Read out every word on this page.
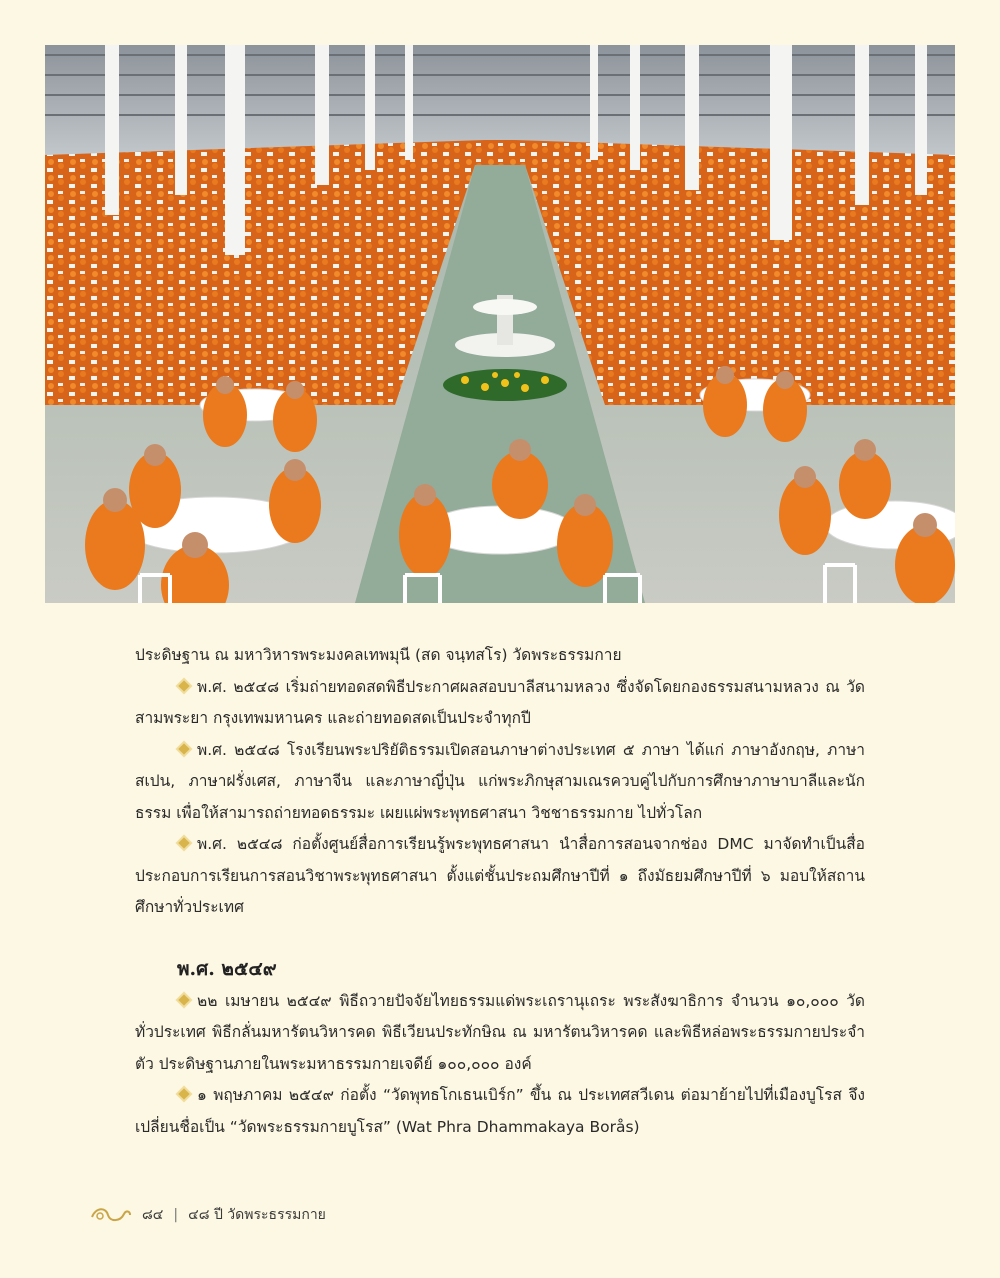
ประดิษฐาน ณ มหาวิหารพระมงคลเทพมุนี (สด จนฺทสโร) วัดพระธรรมกาย

พ.ศ. ๒๕๔๘ เริ่มถ่ายทอดสดพิธีประกาศผลสอบบาลีสนามหลวง ซึ่งจัดโดยกองธรรมสนามหลวง ณ วัดสามพระยา กรุงเทพมหานคร และถ่ายทอดสดเป็นประจำทุกปี

พ.ศ. ๒๕๔๘ โรงเรียนพระปริยัติธรรมเปิดสอนภาษาต่างประเทศ ๕ ภาษา ได้แก่ ภาษาอังกฤษ, ภาษาสเปน, ภาษาฝรั่งเศส, ภาษาจีน และภาษาญี่ปุ่น แก่พระภิกษุสามเณรควบคู่ไปกับการศึกษาภาษาบาลีและนักธรรม เพื่อให้สามารถถ่ายทอดธรรมะ เผยแผ่พระพุทธศาสนา วิชชาธรรมกาย ไปทั่วโลก

พ.ศ. ๒๕๔๘ ก่อตั้งศูนย์สื่อการเรียนรู้พระพุทธศาสนา นำสื่อการสอนจากช่อง DMC มาจัดทำเป็นสื่อประกอบการเรียนการสอนวิชาพระพุทธศาสนา ตั้งแต่ชั้นประถมศึกษาปีที่ ๑ ถึงมัธยมศึกษาปีที่ ๖ มอบให้สถานศึกษาทั่วประเทศ

พ.ศ. ๒๕๔๙

๒๒ เมษายน ๒๕๔๙ พิธีถวายปัจจัยไทยธรรมแด่พระเถรานุเถระ พระสังฆาธิการ จำนวน ๑๐,๐๐๐ วัด ทั่วประเทศ พิธีกลั่นมหารัตนวิหารคด พิธีเวียนประทักษิณ ณ มหารัตนวิหารคด และพิธีหล่อพระธรรมกายประจำตัว ประดิษฐานภายในพระมหาธรรมกายเจดีย์ ๑๐๐,๐๐๐ องค์

๑ พฤษภาคม ๒๕๔๙ ก่อตั้ง “วัดพุทธโกเธนเบิร์ก” ขึ้น ณ ประเทศสวีเดน ต่อมาย้ายไปที่เมืองบูโรส จึงเปลี่ยนชื่อเป็น “วัดพระธรรมกายบูโรส” (Wat Phra Dhammakaya Borås)

๘๔ | ๔๘ ปี วัดพระธรรมกาย
